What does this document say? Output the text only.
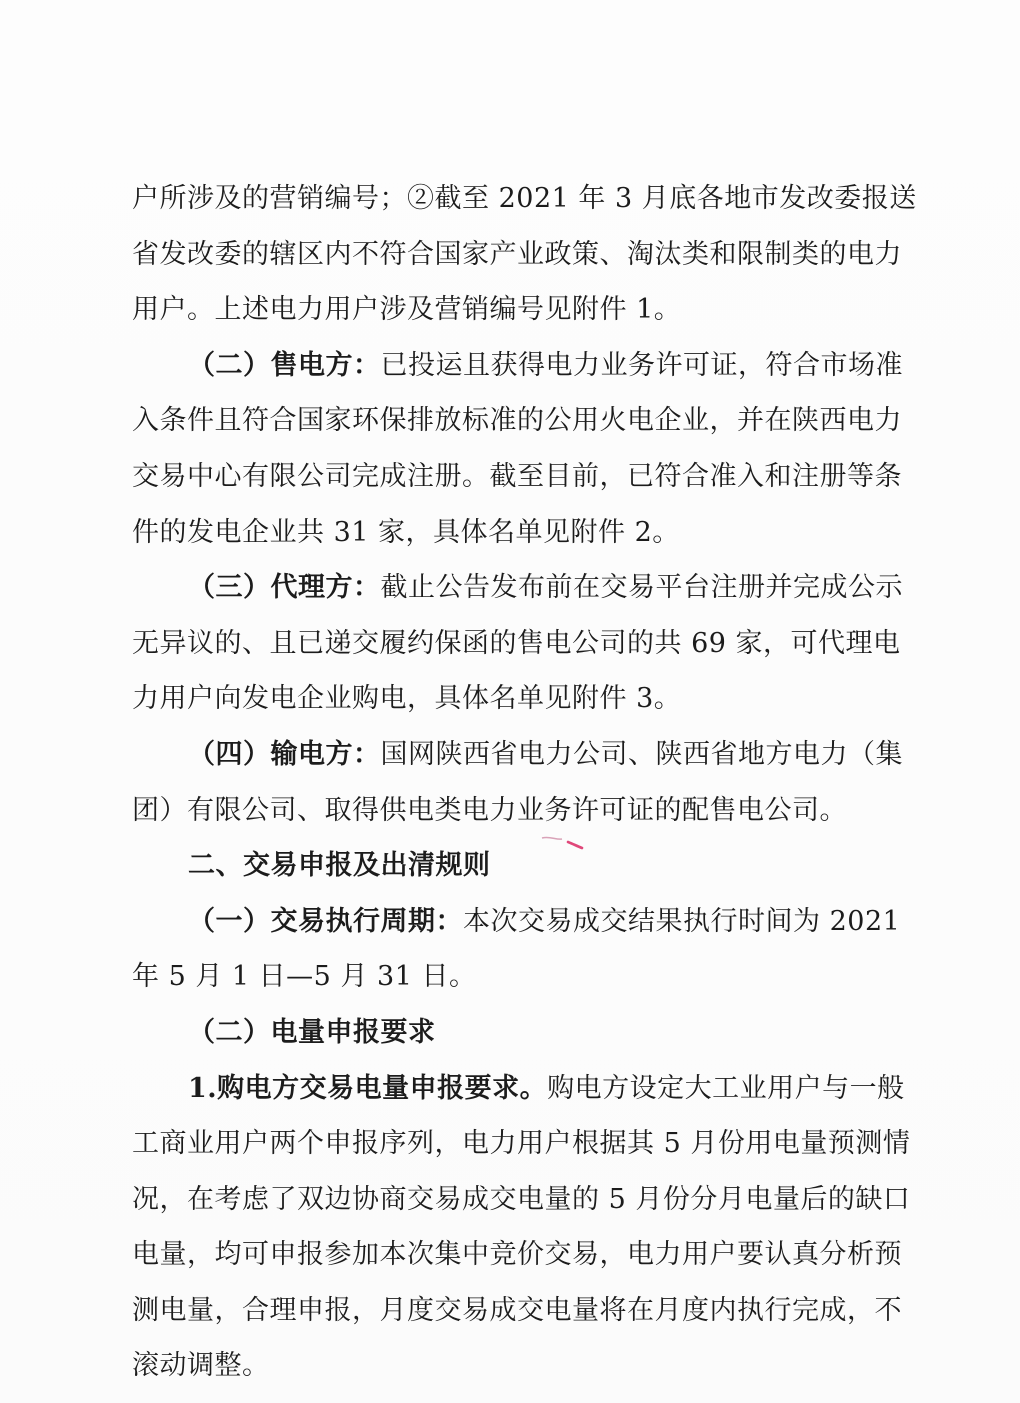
户所涉及的营销编号；②截至 2021 年 3 月底各地市发改委报送
省发改委的辖区内不符合国家产业政策、淘汰类和限制类的电力
用户。上述电力用户涉及营销编号见附件 1。
（二）售电方：已投运且获得电力业务许可证，符合市场准
入条件且符合国家环保排放标准的公用火电企业，并在陕西电力
交易中心有限公司完成注册。截至目前，已符合准入和注册等条
件的发电企业共 31 家，具体名单见附件 2。
（三）代理方：截止公告发布前在交易平台注册并完成公示
无异议的、且已递交履约保函的售电公司的共 69 家，可代理电
力用户向发电企业购电，具体名单见附件 3。
（四）输电方：国网陕西省电力公司、陕西省地方电力（集
团）有限公司、取得供电类电力业务许可证的配售电公司。
二、交易申报及出清规则
（一）交易执行周期：本次交易成交结果执行时间为 2021
年 5 月 1 日—5 月 31 日。
（二）电量申报要求
1.购电方交易电量申报要求。购电方设定大工业用户与一般
工商业用户两个申报序列，电力用户根据其 5 月份用电量预测情
况，在考虑了双边协商交易成交电量的 5 月份分月电量后的缺口
电量，均可申报参加本次集中竞价交易，电力用户要认真分析预
测电量，合理申报，月度交易成交电量将在月度内执行完成，不
滚动调整。
